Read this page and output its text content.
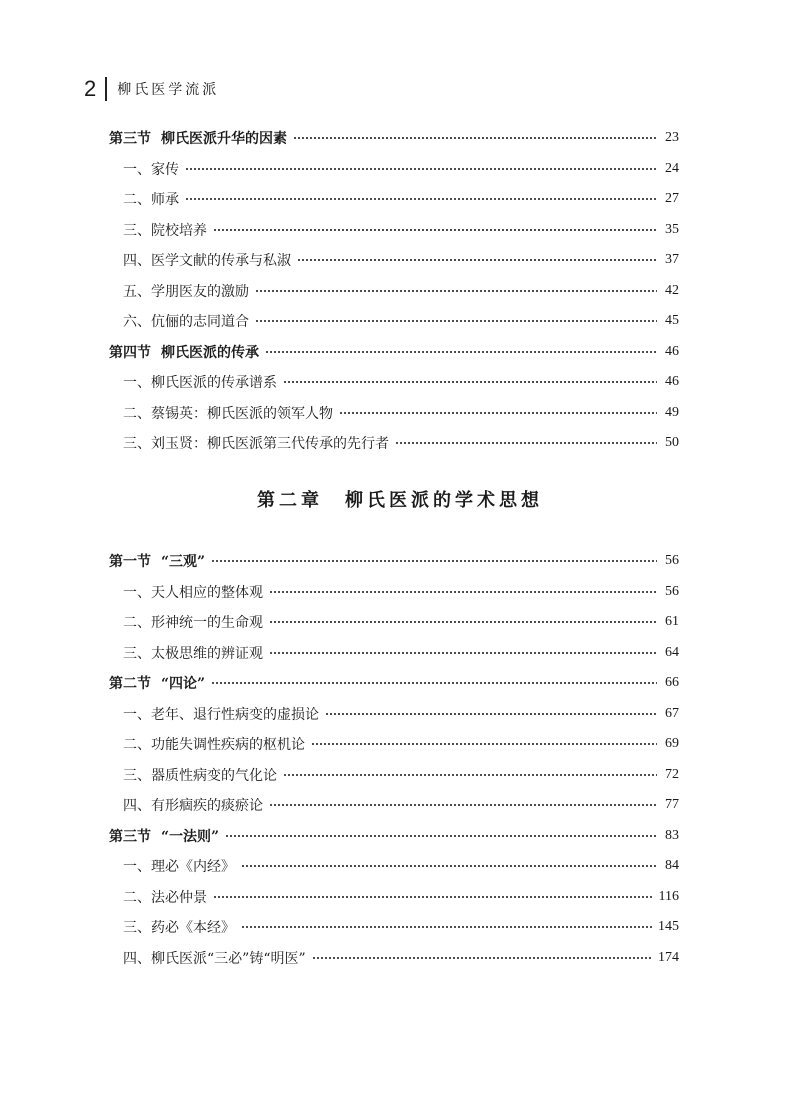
2 柳氏医学流派
第三节 柳氏医派升华的因素	23
一、家传	24
二、师承	27
三、院校培养	35
四、医学文献的传承与私淑	37
五、学朋医友的激励	42
六、伉俪的志同道合	45
第四节 柳氏医派的传承	46
一、柳氏医派的传承谱系	46
二、蔡锡英：柳氏医派的领军人物	49
三、刘玉贤：柳氏医派第三代传承的先行者	50
第二章 柳氏医派的学术思想
第一节 “三观”	56
一、天人相应的整体观	56
二、形神统一的生命观	61
三、太极思维的辨证观	64
第二节 “四论”	66
一、老年、退行性病变的虚损论	67
二、功能失调性疾病的枢机论	69
三、器质性病变的气化论	72
四、有形痼疾的痰瘀论	77
第三节 “一法则”	83
一、理必《内经》	84
二、法必仲景	116
三、药必《本经》	145
四、柳氏医派“三必”铸“明医”	174
